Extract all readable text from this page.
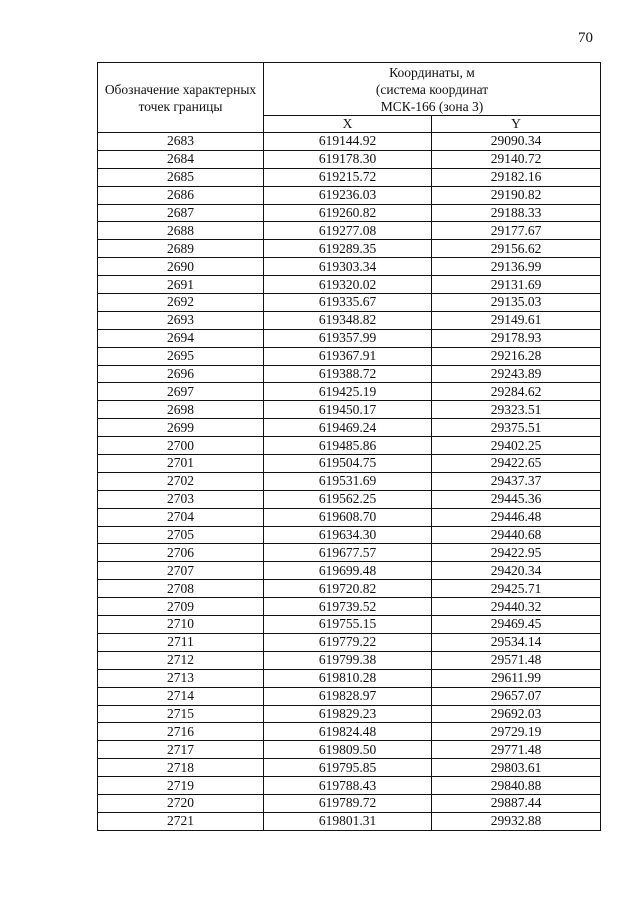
70
Обозначение характерных точек границы	Координаты, м
(система координат
МСК-166 (зона 3)	

	X	Y
2683	619144.92	29090.34
2684	619178.30	29140.72
2685	619215.72	29182.16
2686	619236.03	29190.82
2687	619260.82	29188.33
2688	619277.08	29177.67
2689	619289.35	29156.62
2690	619303.34	29136.99
2691	619320.02	29131.69
2692	619335.67	29135.03
2693	619348.82	29149.61
2694	619357.99	29178.93
2695	619367.91	29216.28
2696	619388.72	29243.89
2697	619425.19	29284.62
2698	619450.17	29323.51
2699	619469.24	29375.51
2700	619485.86	29402.25
2701	619504.75	29422.65
2702	619531.69	29437.37
2703	619562.25	29445.36
2704	619608.70	29446.48
2705	619634.30	29440.68
2706	619677.57	29422.95
2707	619699.48	29420.34
2708	619720.82	29425.71
2709	619739.52	29440.32
2710	619755.15	29469.45
2711	619779.22	29534.14
2712	619799.38	29571.48
2713	619810.28	29611.99
2714	619828.97	29657.07
2715	619829.23	29692.03
2716	619824.48	29729.19
2717	619809.50	29771.48
2718	619795.85	29803.61
2719	619788.43	29840.88
2720	619789.72	29887.44
2721	619801.31	29932.88
